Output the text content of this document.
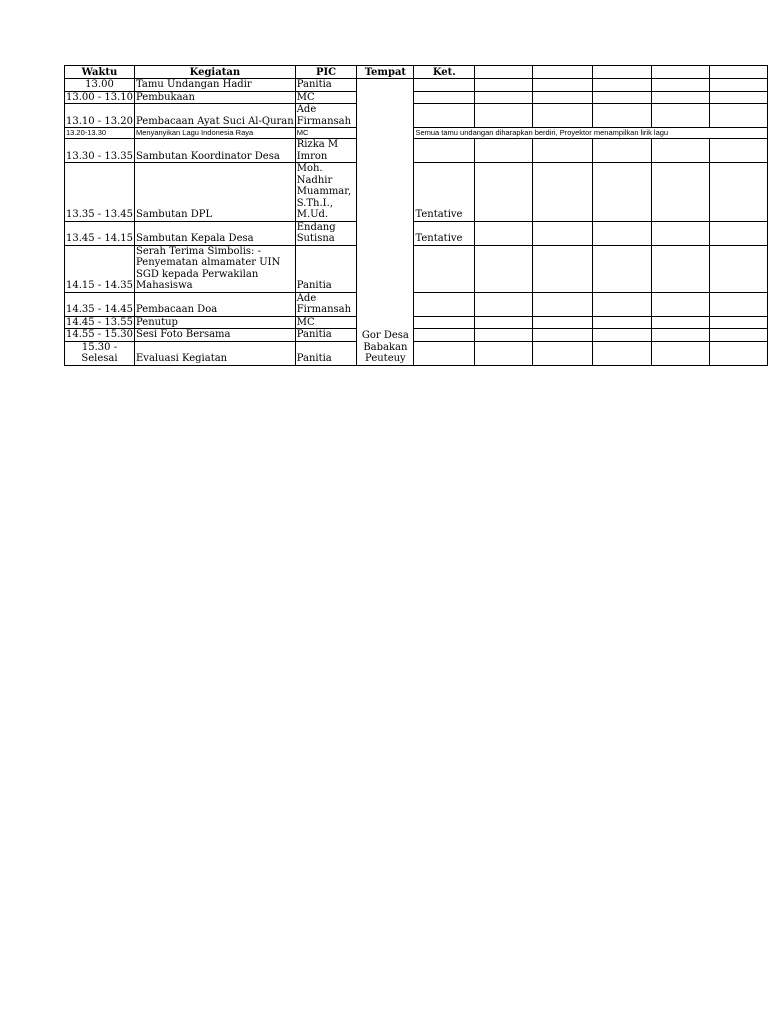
Waktu	Kegiatan	PIC	Tempat	Ket.					
13.00	Tamu Undangan Hadir	Panitia	Gor Desa Babakan Peuteuy						
13.00 - 13.10	Pembukaan	MC							
13.10 - 13.20	Pembacaan Ayat Suci Al-Quran	Ade Firmansah							
13.20-13.30	Menyanyikan Lagu Indonesia Raya	MC		Semua tamu undangan diharapkan berdiri, Proyektor menampilkan lirik lagu					
13.30 - 13.35	Sambutan Koordinator Desa	Rizka M Imron							
13.35 - 13.45	Sambutan DPL	Moh. Nadhir Muammar, S.Th.I., M.Ud.		Tentative					
13.45 - 14.15	Sambutan Kepala Desa	Endang Sutisna		Tentative					
14.15 - 14.35	Serah Terima Simbolis: - Penyematan almamater UIN SGD kepada Perwakilan Mahasiswa	Panitia							
14.35 - 14.45	Pembacaan Doa	Ade Firmansah							
14.45 - 13.55	Penutup	MC							
14.55 - 15.30	Sesi Foto Bersama	Panitia							
15.30 - Selesai	Evaluasi Kegiatan	Panitia							
